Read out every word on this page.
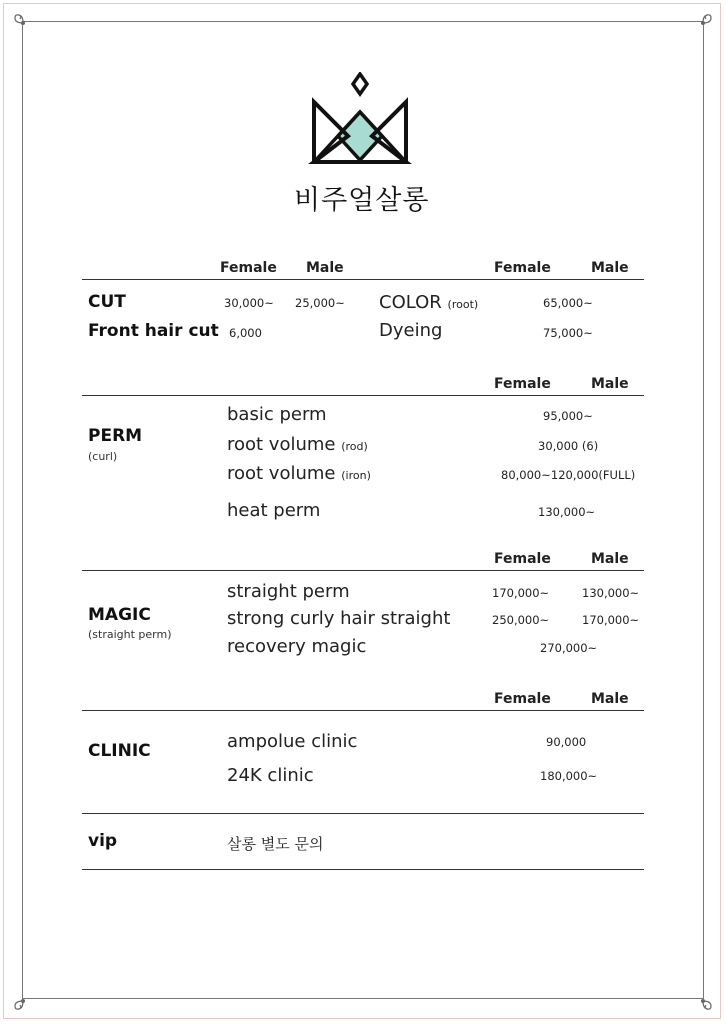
비주얼살롱
Female Male	Female	Male
CUT	30,000~ 25,000~ COLOR (root)	65,000~
Front hair cut 6,000	Dyeing	75,000~
Female	Male
PERM
(curl)
basic perm	95,000~
root volume (rod)	30,000 (6)
root volume (iron)	80,000~120,000(FULL)
heat perm	130,000~
Female	Male
MAGIC
(straight perm)
straight perm	170,000~	130,000~
strong curly hair straight	250,000~	170,000~
recovery magic	270,000~
Female	Male
CLINIC	ampolue clinic	90,000
24K clinic	180,000~
vip	살롱 별도 문의
